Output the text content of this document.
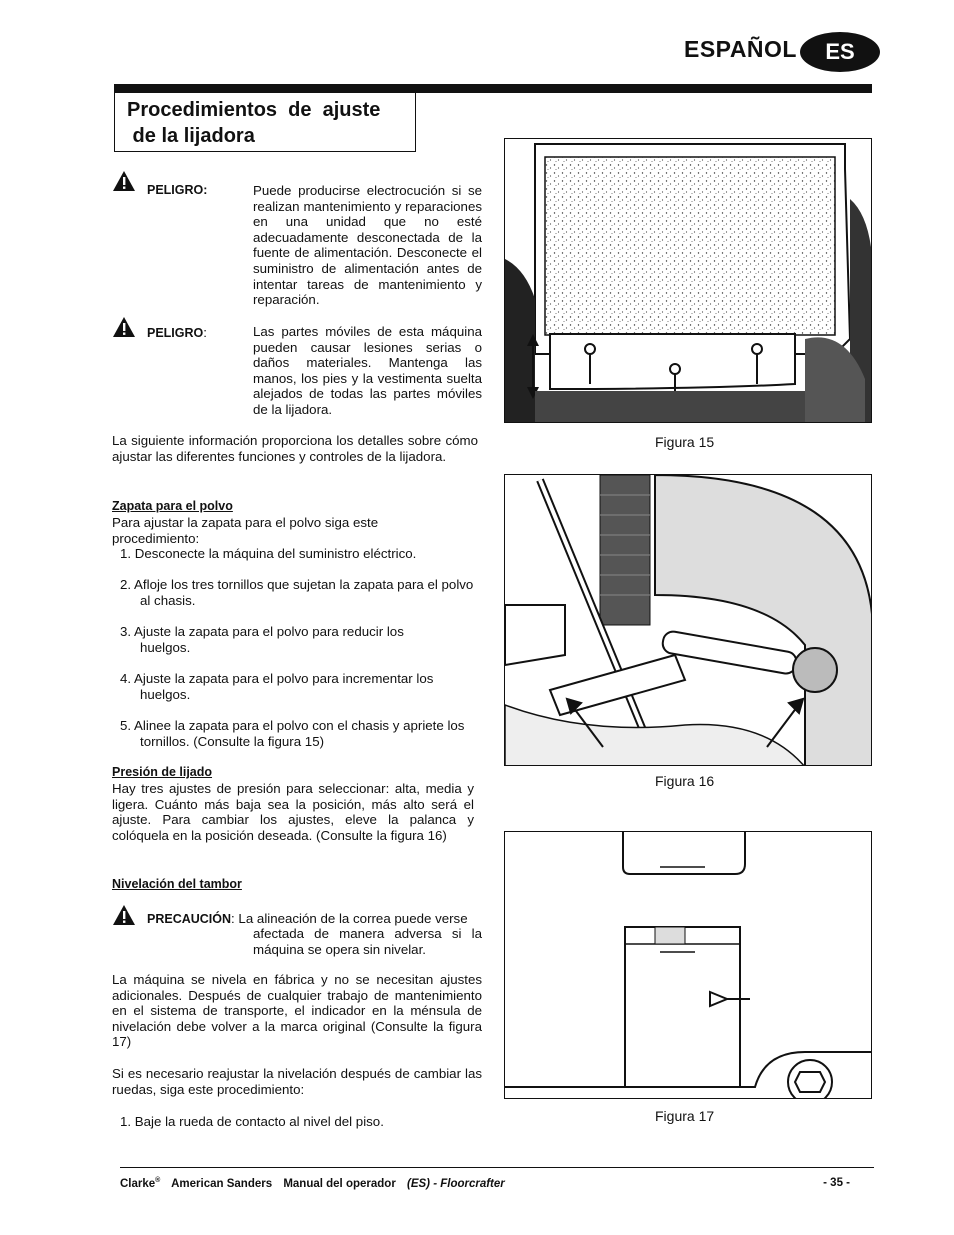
ESPAÑOL	ES
Procedimientos  de  ajuste
de la lijadora
PELIGRO:	Puede producirse electrocución si se realizan mantenimiento y reparaciones en una unidad que no esté adecuadamente desconectada de la fuente de alimentación. Desconecte el suministro de alimentación antes de intentar tareas de mantenimiento y reparación.
PELIGRO:	Las partes móviles de esta máquina pueden causar lesiones serias o daños materiales. Mantenga las manos, los pies y la vestimenta suelta alejados de todas las partes móviles de la lijadora.
La siguiente información proporciona los detalles sobre cómo ajustar las diferentes funciones y controles de la lijadora.
Zapata para el polvo
Para ajustar la zapata para el polvo siga este procedimiento:
1. Desconecte la máquina del suministro eléctrico.
2. Afloje los tres tornillos que sujetan la zapata para el polvo al chasis.
3. Ajuste la zapata para el polvo para reducir los huelgos.
4. Ajuste la zapata para el polvo para incrementar los huelgos.
5. Alinee la zapata para el polvo con el chasis y apriete los tornillos. (Consulte la figura 15)
Presión de lijado
Hay tres ajustes de presión para seleccionar: alta, media y ligera. Cuánto más baja sea la posición, más alto será el ajuste. Para cambiar los ajustes, eleve la palanca y colóquela en la posición deseada. (Consulte la figura 16)
Nivelación del tambor
PRECAUCIÓN: La alineación de la correa puede verse
afectada de manera adversa si la máquina se opera sin nivelar.
La máquina se nivela en fábrica y no se necesitan ajustes adicionales. Después de cualquier trabajo de mantenimiento en el sistema de transporte, el indicador en la ménsula de nivelación debe volver a la marca original (Consulte la figura 17)
Si es necesario reajustar la nivelación después de cambiar las ruedas, siga este procedimiento:
1. Baje la rueda de contacto al nivel del piso.
Figura 15
Figura 16
Figura 17
Clarke® American Sanders Manual del operador (ES) - Floorcrafter	- 35 -
